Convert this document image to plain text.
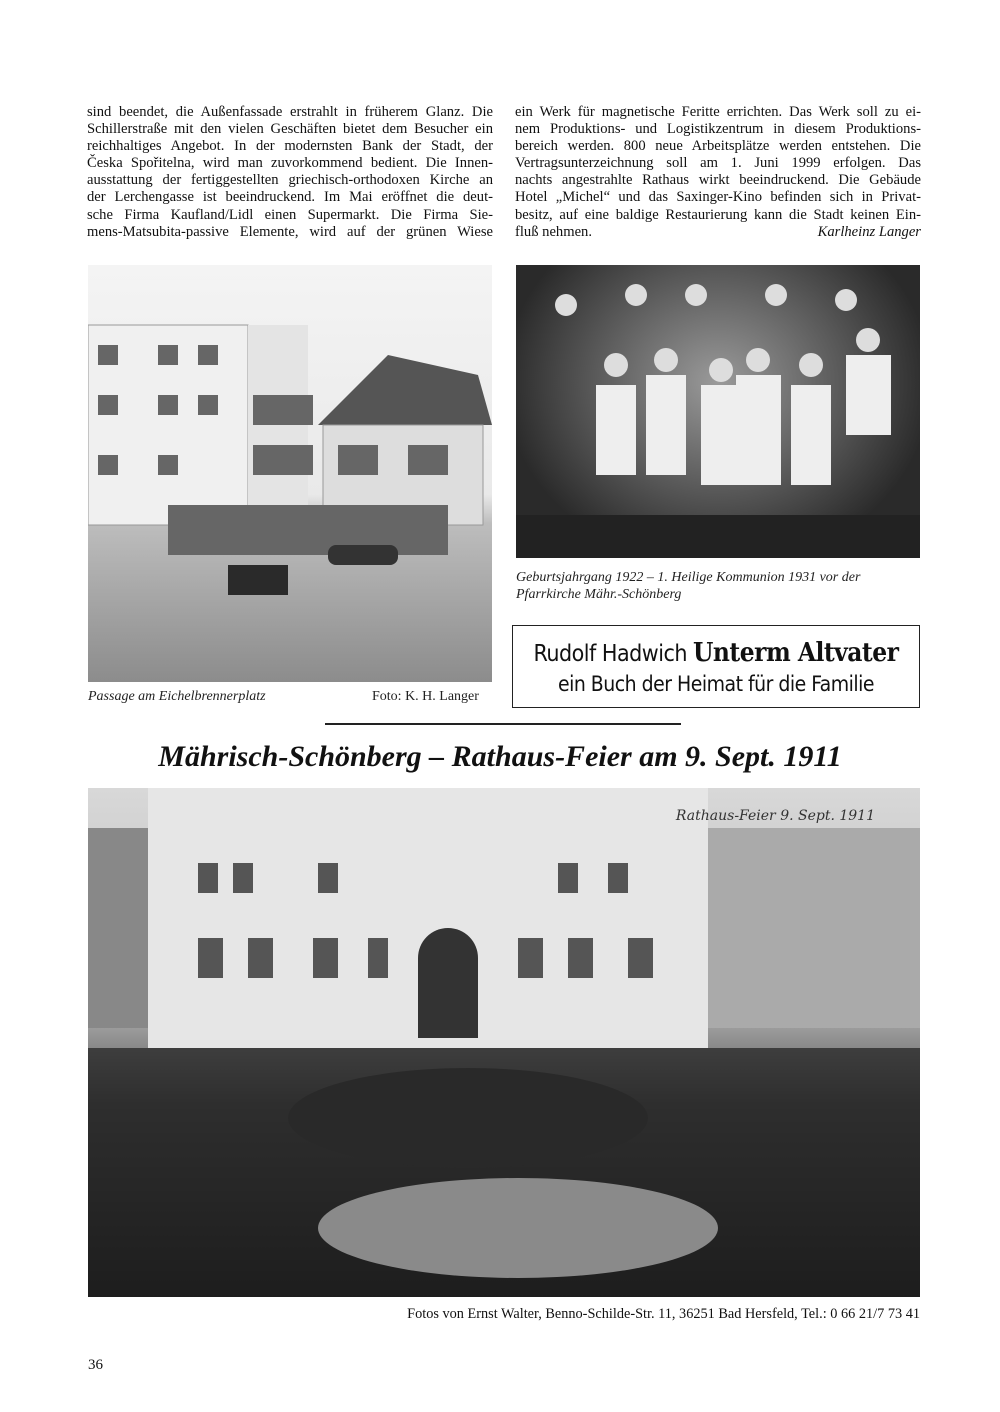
sind beendet, die Außenfassade erstrahlt in früherem Glanz. Die
Schillerstraße mit den vielen Geschäften bietet dem Besucher ein
reichhaltiges Angebot. In der modernsten Bank der Stadt, der
Česka Spořitelna, wird man zuvorkommend bedient. Die Innen-
ausstattung der fertiggestellten griechisch-orthodoxen Kirche an
der Lerchengasse ist beeindruckend. Im Mai eröffnet die deut-
sche Firma Kaufland/Lidl einen Supermarkt. Die Firma Sie-
mens-Matsubita-passive Elemente, wird auf der grünen Wiese
ein Werk für magnetische Feritte errichten. Das Werk soll zu ei-
nem Produktions- und Logistikzentrum in diesem Produktions-
bereich werden. 800 neue Arbeitsplätze werden entstehen. Die
Vertragsunterzeichnung soll am 1. Juni 1999 erfolgen. Das
nachts angestrahlte Rathaus wirkt beeindruckend. Die Gebäude
Hotel „Michel“ und das Saxinger-Kino befinden sich in Privat-
besitz, auf eine baldige Restaurierung kann die Stadt keinen Ein-
fluß nehmen.	Karlheinz Langer
Passage am Eichelbrennerplatz	Foto: K. H. Langer
Geburtsjahrgang 1922 – 1. Heilige Kommunion 1931 vor der
Pfarrkirche Mähr.-Schönberg
Rudolf Hadwich Unterm Altvater
ein Buch der Heimat für die Familie
Mährisch-Schönberg – Rathaus-Feier am 9. Sept. 1911
Rathaus-Feier 9. Sept. 1911
Fotos von Ernst Walter, Benno-Schilde-Str. 11, 36251 Bad Hersfeld, Tel.: 0 66 21/7 73 41
36
